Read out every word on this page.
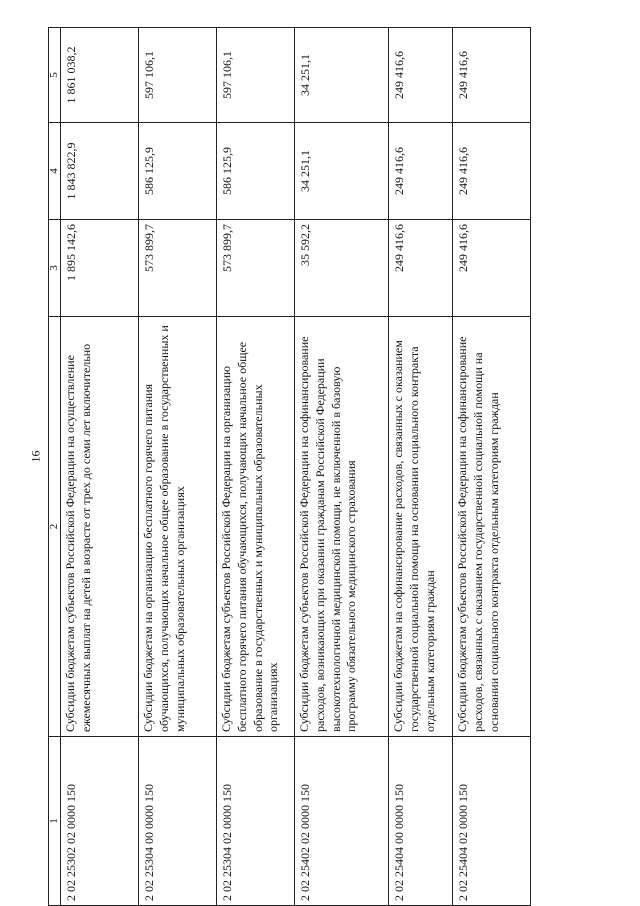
16
1	2	3	4	5
2 02 25302 02 0000 150	Субсидии бюджетам субъектов Российской Федерации на осуществление ежемесячных выплат на детей в возрасте от трех до семи лет включительно	1 895 142,6	1 843 822,9	1 861 038,2
2 02 25304 00 0000 150	Субсидии бюджетам на организацию бесплатного горячего питания обучающихся, получающих начальное общее образование в государственных и муниципальных образовательных организациях	573 899,7	586 125,9	597 106,1
2 02 25304 02 0000 150	Субсидии бюджетам субъектов Российской Федерации на организацию бесплатного горячего питания обучающихся, получающих начальное общее образование в государственных и муниципальных образовательных организациях	573 899,7	586 125,9	597 106,1
2 02 25402 02 0000 150	Субсидии бюджетам субъектов Российской Федерации на софинансирование расходов, возникающих при оказании гражданам Российской Федерации высокотехнологичной медицинской помощи, не включенной в базовую программу обязательного медицинского страхования	35 592,2	34 251,1	34 251,1
2 02 25404 00 0000 150	Субсидии бюджетам на софинансирование расходов, связанных с оказанием государственной социальной помощи на основании социального контракта отдельным категориям граждан	249 416,6	249 416,6	249 416,6
2 02 25404 02 0000 150	Субсидии бюджетам субъектов Российской Федерации на софинансирование расходов, связанных с оказанием государственной социальной помощи на основании социального контракта отдельным категориям граждан	249 416,6	249 416,6	249 416,6
